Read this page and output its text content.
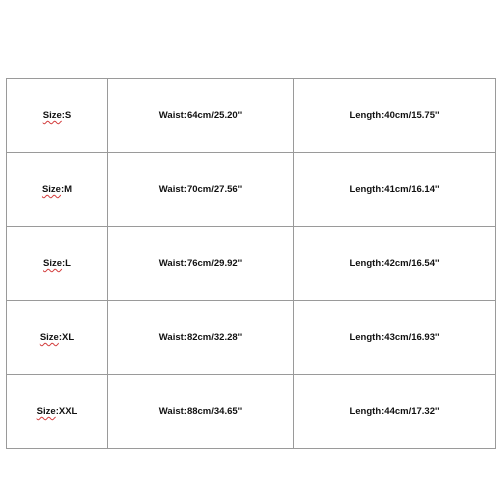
Size:S	Waist:64cm/25.20''	Length:40cm/15.75''
Size:M	Waist:70cm/27.56''	Length:41cm/16.14''
Size:L	Waist:76cm/29.92''	Length:42cm/16.54''
Size:XL	Waist:82cm/32.28''	Length:43cm/16.93''
Size:XXL	Waist:88cm/34.65''	Length:44cm/17.32''
